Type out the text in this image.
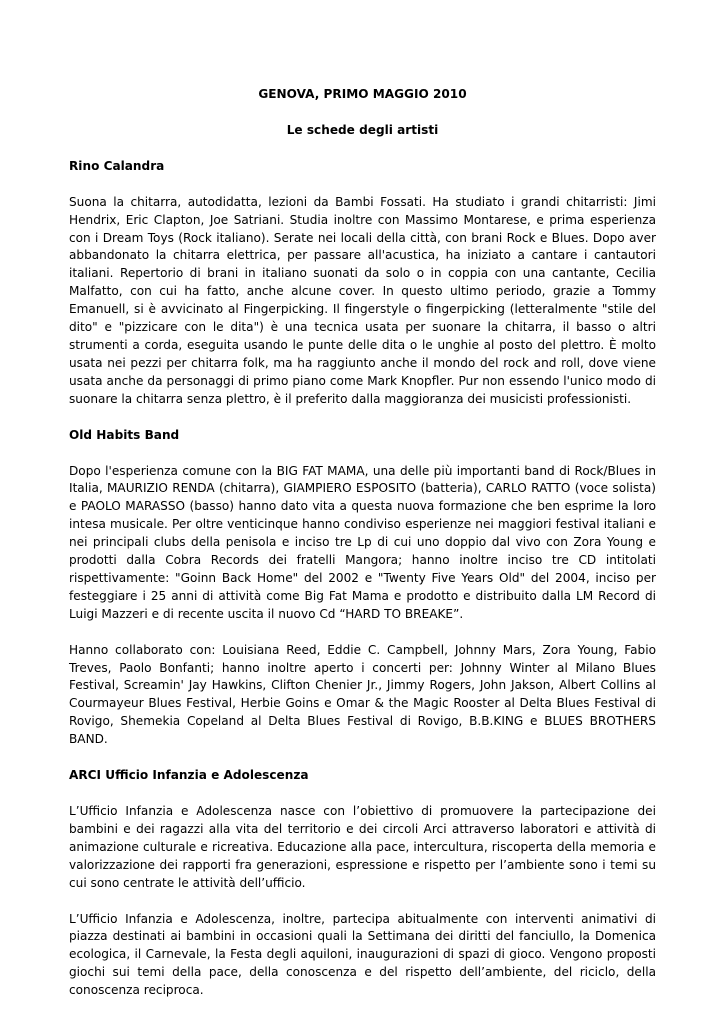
GENOVA, PRIMO MAGGIO 2010

Le schede degli artisti

Rino Calandra

Suona la chitarra, autodidatta, lezioni da Bambi Fossati. Ha studiato i grandi chitarristi: Jimi Hendrix, Eric Clapton, Joe Satriani. Studia inoltre con Massimo Montarese, e prima esperienza con i Dream Toys (Rock italiano). Serate nei locali della città, con brani Rock e Blues. Dopo aver abbandonato la chitarra elettrica, per passare all'acustica, ha iniziato a cantare i cantautori italiani. Repertorio di brani in italiano suonati da solo o in coppia con una cantante, Cecilia Malfatto, con cui ha fatto, anche alcune cover. In questo ultimo periodo, grazie a Tommy Emanuell, si è avvicinato al Fingerpicking. Il fingerstyle o fingerpicking (letteralmente "stile del dito" e "pizzicare con le dita") è una tecnica usata per suonare la chitarra, il basso o altri strumenti a corda, eseguita usando le punte delle dita o le unghie al posto del plettro. È molto usata nei pezzi per chitarra folk, ma ha raggiunto anche il mondo del rock and roll, dove viene usata anche da personaggi di primo piano come Mark Knopfler. Pur non essendo l'unico modo di suonare la chitarra senza plettro, è il preferito dalla maggioranza dei musicisti professionisti.

Old Habits Band

Dopo l'esperienza comune con la BIG FAT MAMA, una delle più importanti band di Rock/Blues in Italia, MAURIZIO RENDA (chitarra), GIAMPIERO ESPOSITO (batteria), CARLO RATTO (voce solista) e PAOLO MARASSO (basso) hanno dato vita a questa nuova formazione che ben esprime la loro intesa musicale. Per oltre venticinque hanno condiviso esperienze nei maggiori festival italiani e nei principali clubs della penisola e inciso tre Lp di cui uno doppio dal vivo con Zora Young e prodotti dalla Cobra Records dei fratelli Mangora; hanno inoltre inciso tre CD intitolati rispettivamente: "Goinn Back Home" del 2002 e "Twenty Five Years Old" del 2004, inciso per festeggiare i 25 anni di attività come Big Fat Mama e prodotto e distribuito dalla LM Record di Luigi Mazzeri e di recente uscita il nuovo Cd “HARD TO BREAKE”.

Hanno collaborato con: Louisiana Reed, Eddie C. Campbell, Johnny Mars, Zora Young, Fabio Treves, Paolo Bonfanti; hanno inoltre aperto i concerti per: Johnny Winter al Milano Blues Festival, Screamin' Jay Hawkins, Clifton Chenier Jr., Jimmy Rogers, John Jakson, Albert Collins al Courmayeur Blues Festival, Herbie Goins e Omar & the Magic Rooster al Delta Blues Festival di Rovigo, Shemekia Copeland al Delta Blues Festival di Rovigo, B.B.KING e BLUES BROTHERS BAND.

ARCI Ufficio Infanzia e Adolescenza

L’Ufficio Infanzia e Adolescenza nasce con l’obiettivo di promuovere la partecipazione dei bambini e dei ragazzi alla vita del territorio e dei circoli Arci attraverso laboratori e attività di animazione culturale e ricreativa. Educazione alla pace, intercultura, riscoperta della memoria e valorizzazione dei rapporti fra generazioni, espressione e rispetto per l’ambiente sono i temi su cui sono centrate le attività dell’ufficio.

L’Ufficio Infanzia e Adolescenza, inoltre, partecipa abitualmente con interventi animativi di piazza destinati ai bambini in occasioni quali la Settimana dei diritti del fanciullo, la Domenica ecologica, il Carnevale, la Festa degli aquiloni, inaugurazioni di spazi di gioco. Vengono proposti giochi sui temi della pace, della conoscenza e del rispetto dell’ambiente, del riciclo, della conoscenza reciproca.
